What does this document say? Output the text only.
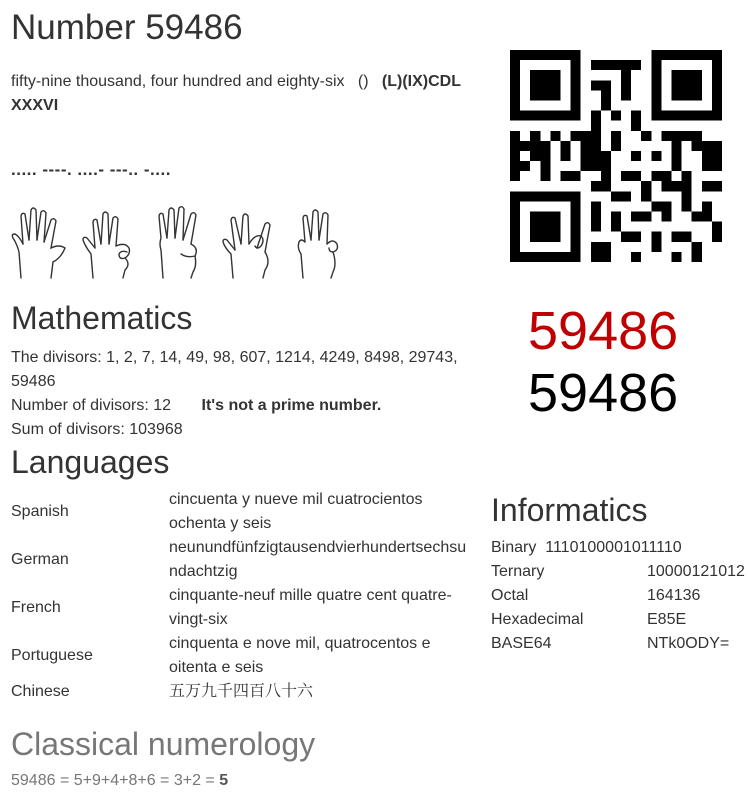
Number 59486
fifty-nine thousand, four hundred and eighty-six () (L)(IX)CDL
XXXVI
..... ----. ....- ---.. -....
59486
59486
Mathematics
The divisors: 1, 2, 7, 14, 49, 98, 607, 1214, 4249, 8498, 29743, 59486
Number of divisors: 12 It's not a prime number.
Sum of divisors: 103968
Languages
Spanish	cincuenta y nueve mil cuatrocientos
ochenta y seis
German	neunundfünfzigtausendvierhundertsechsu
ndachtzig
French	cinquante-neuf mille quatre cent quatre-
vingt-six
Portuguese	cinquenta e nove mil, quatrocentos e
oitenta e seis
Chinese	五万九千四百八十六
Informatics
Binary 1110100001011110	
Ternary	10000121012
Octal	164136
Hexadecimal	E85E
BASE64	NTk0ODY=
Classical numerology
59486 = 5+9+4+8+6 = 3+2 = 5
